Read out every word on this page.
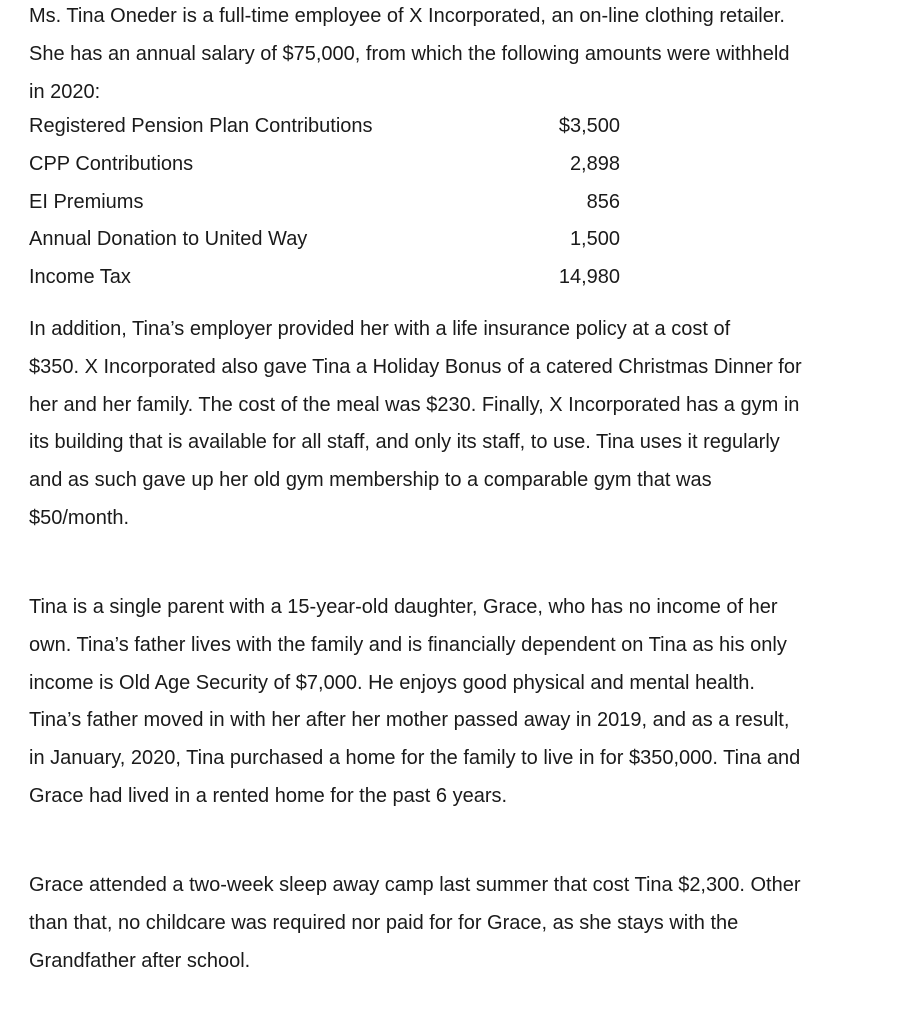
Ms. Tina Oneder is a full-time employee of X Incorporated, an on-line clothing retailer.
She has an annual salary of $75,000, from which the following amounts were withheld
in 2020:
Registered Pension Plan Contributions	$3,500
CPP Contributions	2,898
EI Premiums	856
Annual Donation to United Way	1,500
Income Tax	14,980
In addition, Tina’s employer provided her with a life insurance policy at a cost of
$350. X Incorporated also gave Tina a Holiday Bonus of a catered Christmas Dinner for
her and her family. The cost of the meal was $230. Finally, X Incorporated has a gym in
its building that is available for all staff, and only its staff, to use. Tina uses it regularly
and as such gave up her old gym membership to a comparable gym that was
$50/month.
Tina is a single parent with a 15-year-old daughter, Grace, who has no income of her
own. Tina’s father lives with the family and is financially dependent on Tina as his only
income is Old Age Security of $7,000. He enjoys good physical and mental health.
Tina’s father moved in with her after her mother passed away in 2019, and as a result,
in January, 2020, Tina purchased a home for the family to live in for $350,000. Tina and
Grace had lived in a rented home for the past 6 years.
Grace attended a two-week sleep away camp last summer that cost Tina $2,300. Other
than that, no childcare was required nor paid for for Grace, as she stays with the
Grandfather after school.
